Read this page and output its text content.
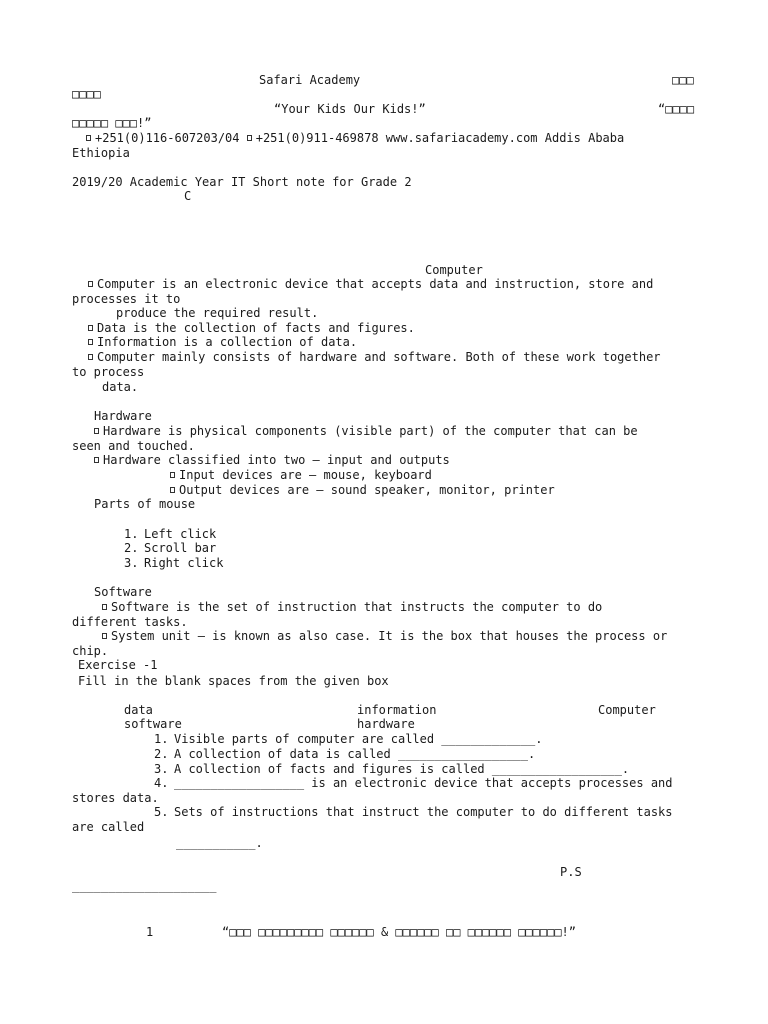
Safari Academy	□□□
□□□□
“Your Kids Our Kids!”	“□□□□
□□□□□ □□□!”
+251(0)116-607203/04 +251(0)911-469878 www.safariacademy.com Addis Ababa
Ethiopia
2019/20 Academic Year IT Short note for Grade 2
C
Computer
Computer is an electronic device that accepts data and instruction, store and
processes it to
produce the required result.
Data is the collection of facts and figures.
Information is a collection of data.
Computer mainly consists of hardware and software. Both of these work together
to process
data.
Hardware
Hardware is physical components (visible part) of the computer that can be
seen and touched.
Hardware classified into two – input and outputs
Input devices are – mouse, keyboard
Output devices are – sound speaker, monitor, printer
Parts of mouse
1. Left click
2. Scroll bar
3. Right click
Software
Software is the set of instruction that instructs the computer to do
different tasks.
System unit – is known as also case. It is the box that houses the process or
chip.
Exercise -1
Fill in the blank spaces from the given box
data	information	Computer
software	hardware
1. Visible parts of computer are called _____________.
2. A collection of data is called __________________.
3. A collection of facts and figures is called __________________.
4. __________________ is an electronic device that accepts processes and
stores data.
5. Sets of instructions that instruct the computer to do different tasks
are called
___________.
P.S
____________________
1	“□□□ □□□□□□□□□ □□□□□□ & □□□□□□ □□ □□□□□□ □□□□□□!”
